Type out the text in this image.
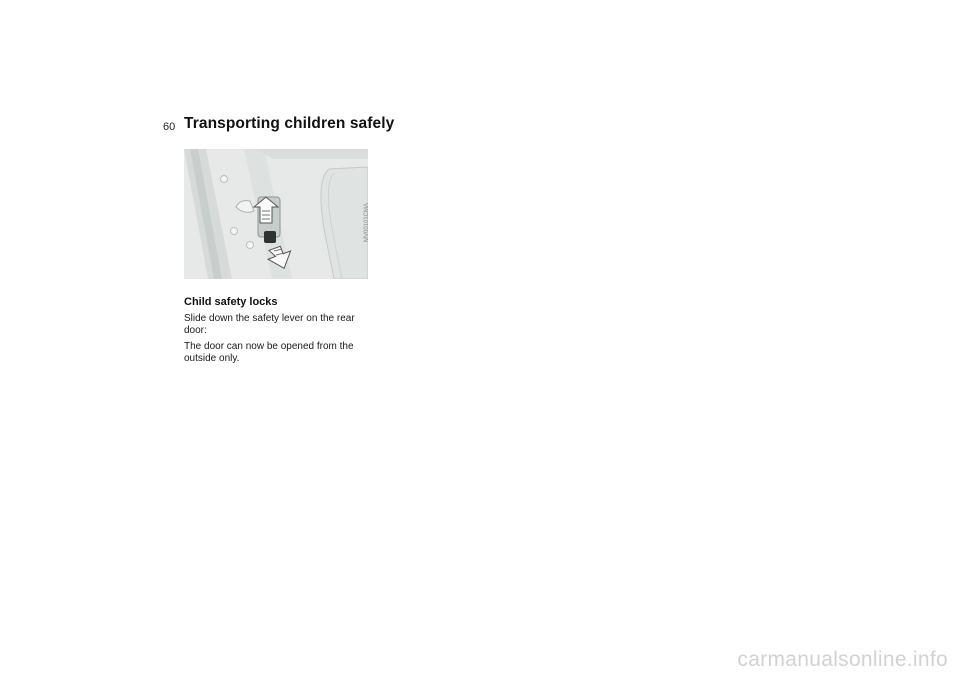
60 Transporting children safely
MV00101CMA
Child safety locks

Slide down the safety lever on the rear door:

The door can now be opened from the outside only.

carmanualsonline.info
